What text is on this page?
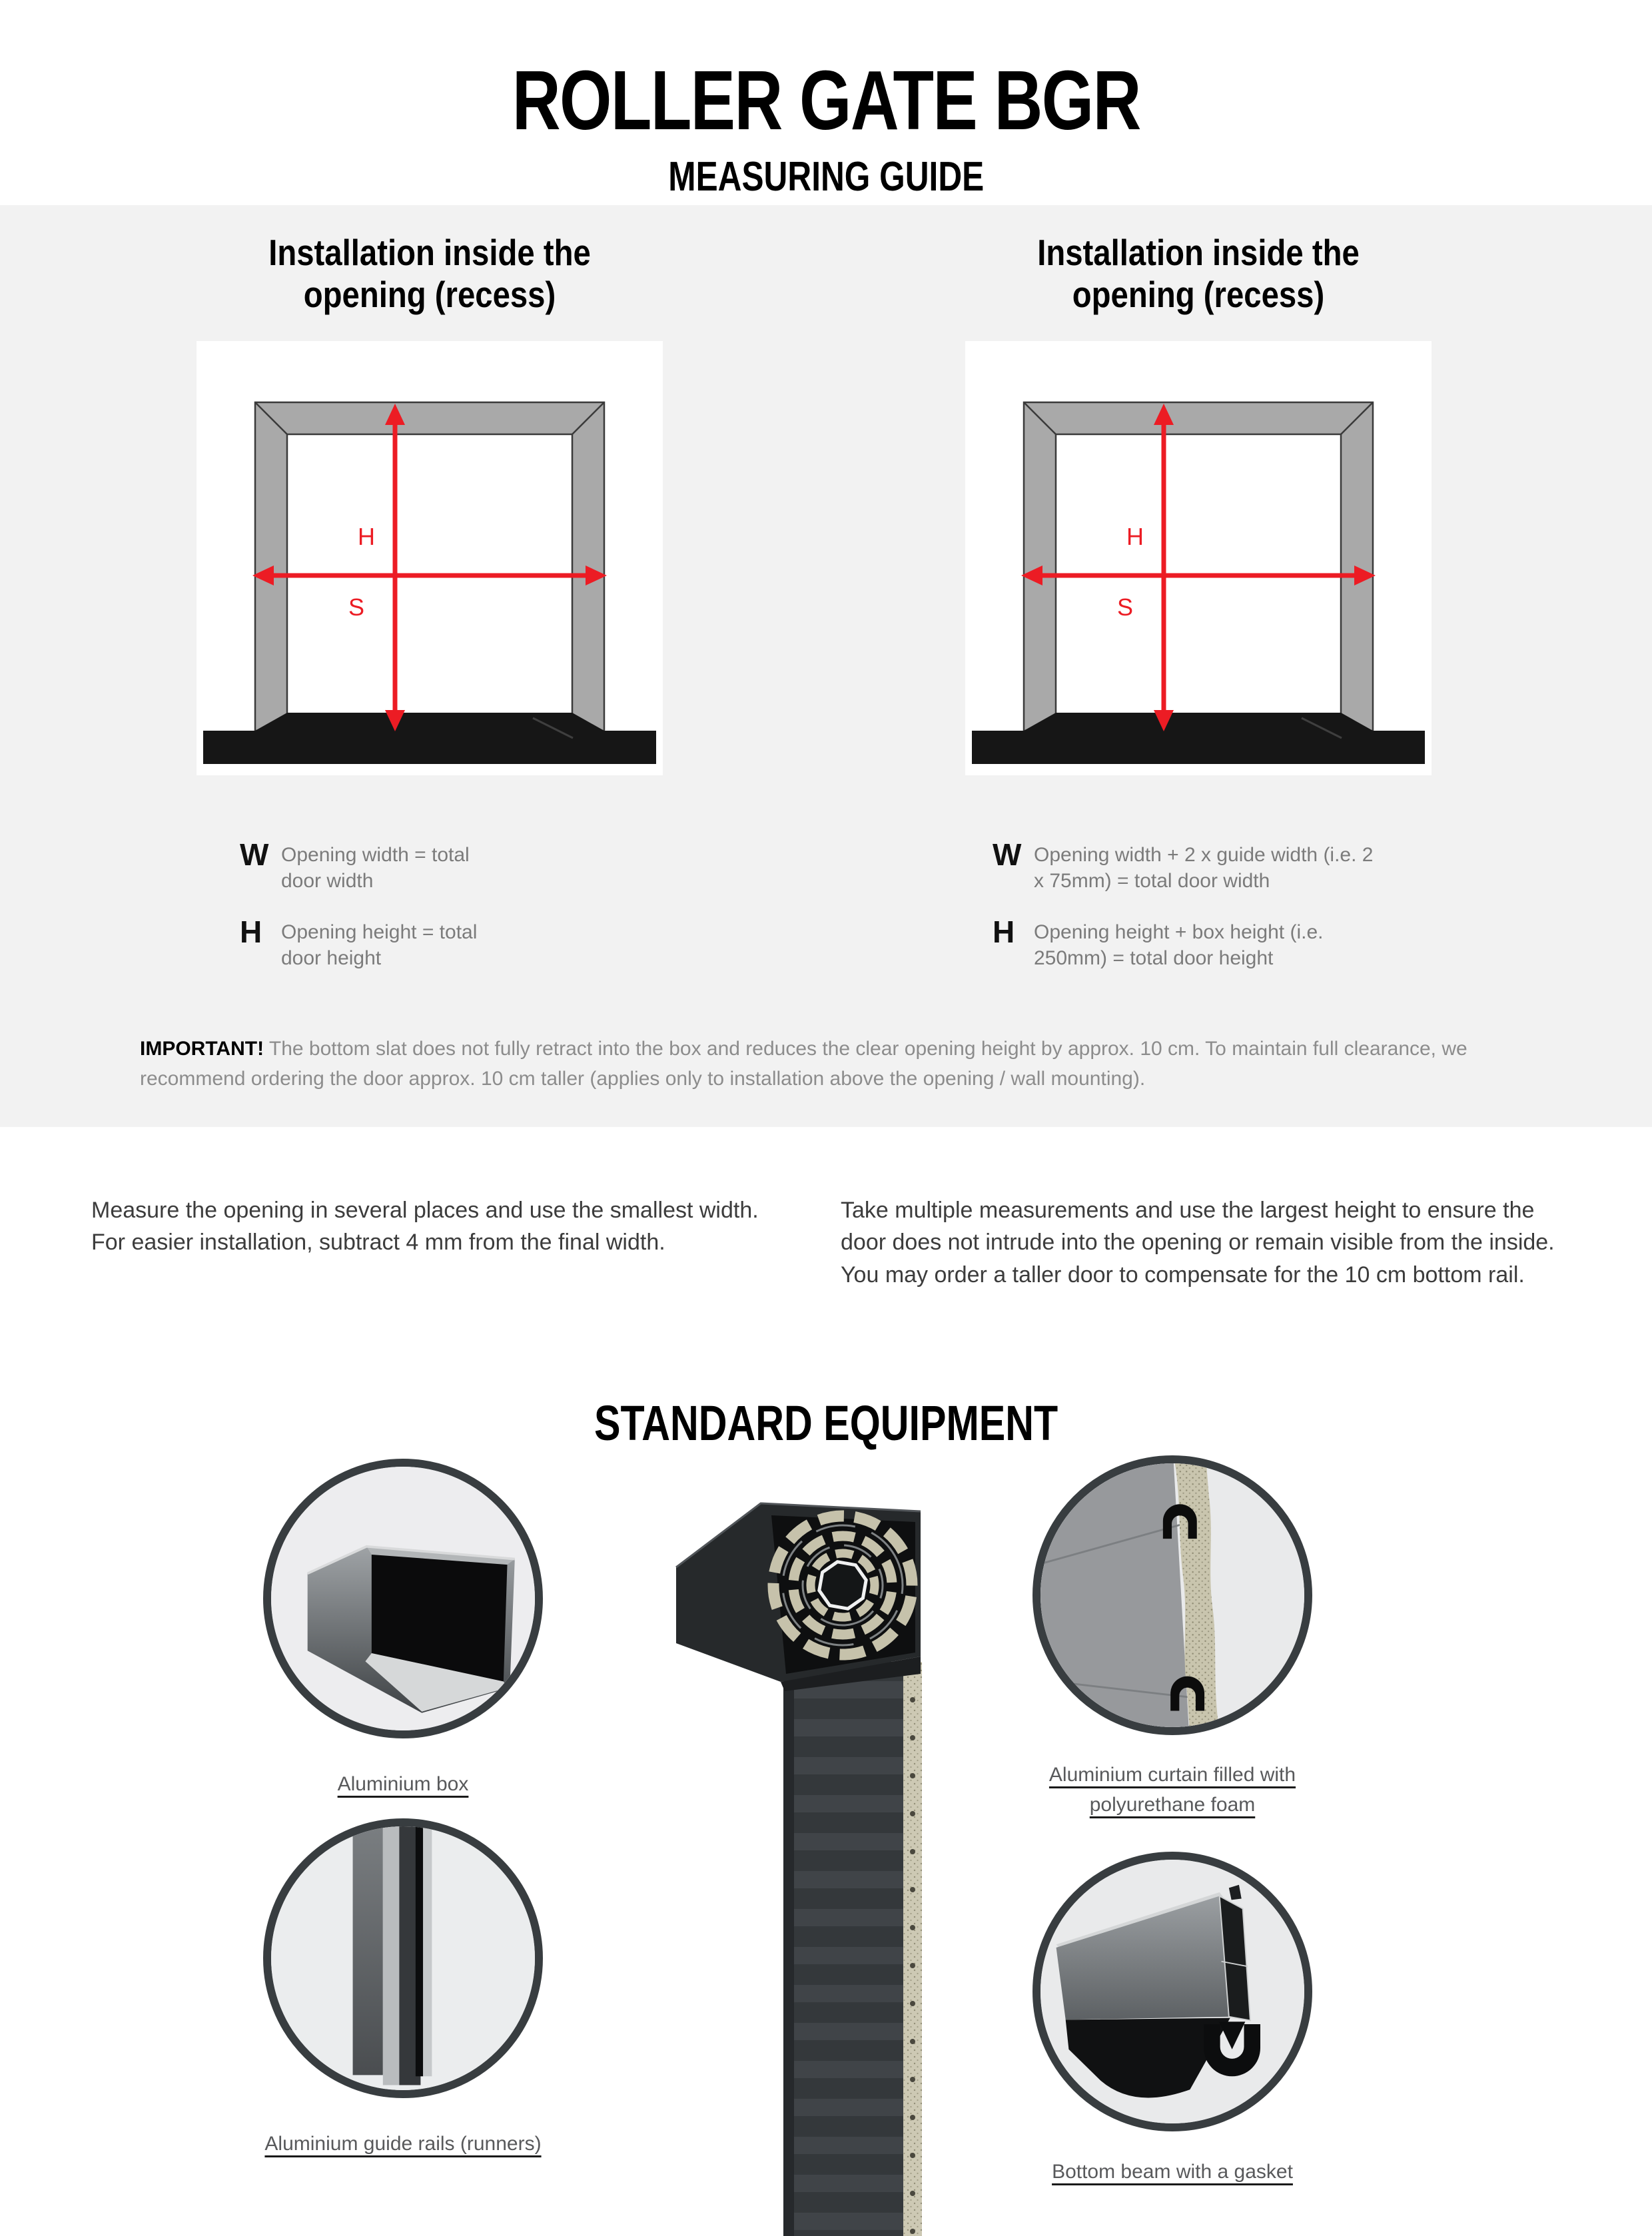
ROLLER GATE BGR
MEASURING GUIDE
Installation inside the opening (recess)
Installation inside the opening (recess)
H
S
H
S
W Opening width = total door width
H Opening height = total door height
W Opening width + 2 x guide width (i.e. 2 x 75mm) = total door width
H Opening height + box height (i.e. 250mm) = total door height
IMPORTANT! The bottom slat does not fully retract into the box and reduces the clear opening height by approx. 10 cm. To maintain full clearance, we recommend ordering the door approx. 10 cm taller (applies only to installation above the opening / wall mounting).
Measure the opening in several places and use the smallest width. For easier installation, subtract 4 mm from the final width.
Take multiple measurements and use the largest height to ensure the door does not intrude into the opening or remain visible from the inside. You may order a taller door to compensate for the 10 cm bottom rail.
STANDARD EQUIPMENT
Aluminium box	Aluminium curtain filled with polyurethane foam
Aluminium guide rails (runners)
Bottom beam with a gasket
